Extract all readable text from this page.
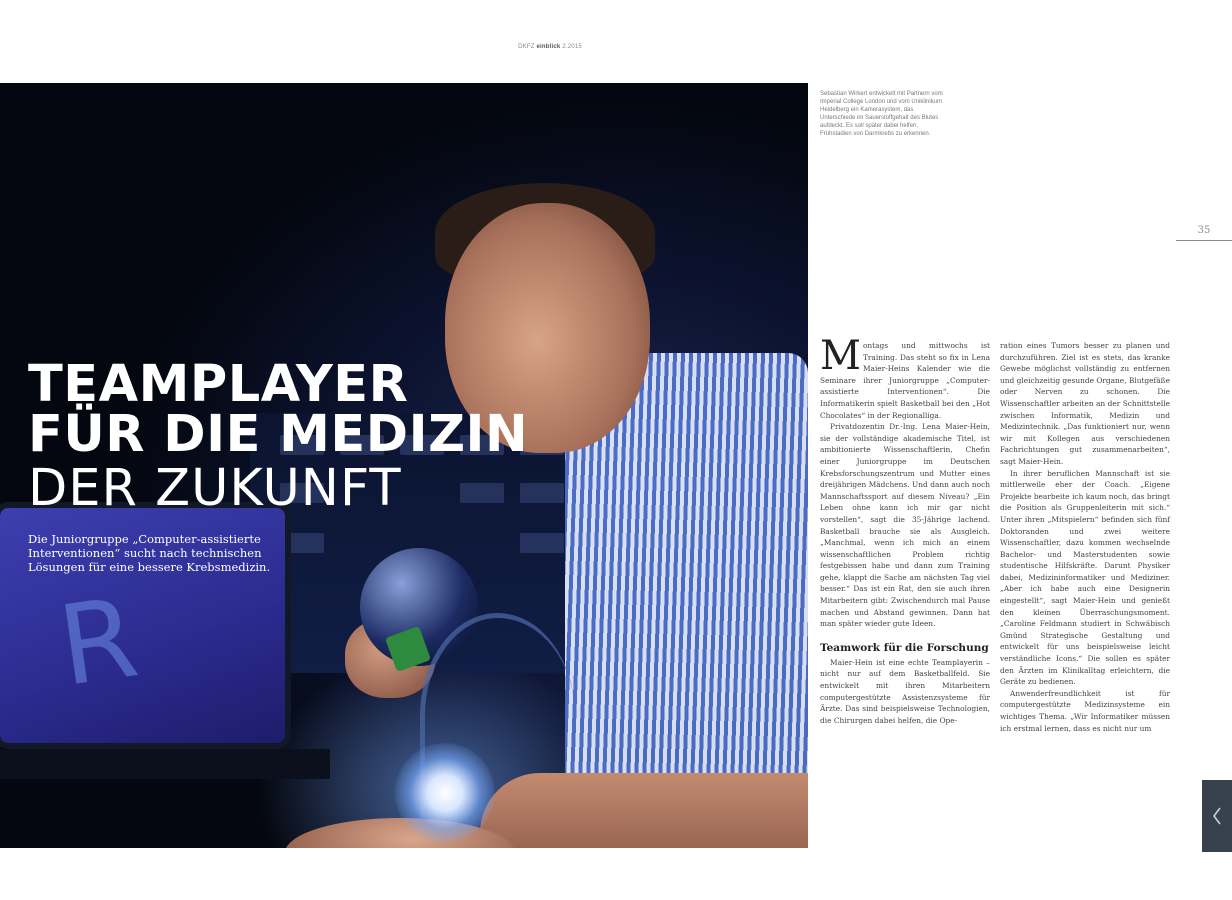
DKFZ einblick 2.2015
R
TEAMPLAYER
FÜR DIE MEDIZIN
DER ZUKUNFT
Die Juniorgruppe „Computer-assistierte Interventionen“ sucht nach technischen Lösungen für eine bessere Krebsmedizin.
Sebastian Wirkert entwickelt mit Partnern vom Imperial College London und vom Uniklinikum Heidelberg ein Kamerasystem, das Unterschiede im Sauerstoffgehalt des Blutes aufdeckt. Es soll später dabei helfen, Frühstadien von Darmkrebs zu erkennen.
35

Montags und mittwochs ist Training. Das steht so fix in Lena Maier-Heins Kalender wie die Seminare ihrer Juniorgruppe „Computer-assistierte Interventionen“. Die Informatikerin spielt Basketball bei den „Hot Chocolates“ in der Regionalliga.

Privatdozentin Dr.-Ing. Lena Maier-Hein, sie der vollständige akademische Titel, ist ambitionierte Wissenschaftlerin, Chefin einer Juniorgruppe im Deutschen Krebsforschungszentrum und Mutter eines dreijährigen Mädchens. Und dann auch noch Mannschaftssport auf diesem Niveau? „Ein Leben ohne kann ich mir gar nicht vorstellen“, sagt die 35-Jährige lachend. Basketball brauche sie als Ausgleich. „Manchmal, wenn ich mich an einem wissenschaftlichen Problem richtig festgebissen habe und dann zum Training gehe, klappt die Sache am nächsten Tag viel besser.“ Das ist ein Rat, den sie auch ihren Mitarbeitern gibt: Zwischendurch mal Pause machen und Abstand gewinnen. Dann hat man später wieder gute Ideen.

Teamwork für die Forschung

Maier-Hein ist eine echte Teamplayerin – nicht nur auf dem Basketballfeld. Sie entwickelt mit ihren Mitarbeitern computergestützte Assistenzsysteme für Ärzte. Das sind beispielsweise Technologien, die Chirurgen dabei helfen, die Ope-

ration eines Tumors besser zu planen und durchzuführen. Ziel ist es stets, das kranke Gewebe möglichst vollständig zu entfernen und gleichzeitig gesunde Organe, Blutgefäße oder Nerven zu schonen. Die Wissenschaftler arbeiten an der Schnittstelle zwischen Informatik, Medizin und Medizintechnik. „Das funktioniert nur, wenn wir mit Kollegen aus verschiedenen Fachrichtungen gut zusammenarbeiten“, sagt Maier-Hein.

In ihrer beruflichen Mannschaft ist sie mittlerweile eher der Coach. „Eigene Projekte bearbeite ich kaum noch, das bringt die Position als Gruppenleiterin mit sich.“ Unter ihren „Mitspielern“ befinden sich fünf Doktoranden und zwei weitere Wissenschaftler, dazu kommen wechselnde Bachelor- und Masterstudenten sowie studentische Hilfskräfte. Darunt Physiker dabei, Medizininformatiker und Mediziner. „Aber ich habe auch eine Designerin eingestellt“, sagt Maier-Hein und genießt den kleinen Überraschungsmoment. „Caroline Feldmann studiert in Schwäbisch Gmünd Strategische Gestaltung und entwickelt für uns beispielsweise leicht verständliche Icons.“ Die sollen es später den Ärzten im Klinikalltag erleichtern, die Geräte zu bedienen.

Anwenderfreundlichkeit ist für computergestützte Medizinsysteme ein wichtiges Thema. „Wir Informatiker müssen ich erstmal lernen, dass es nicht nur um
